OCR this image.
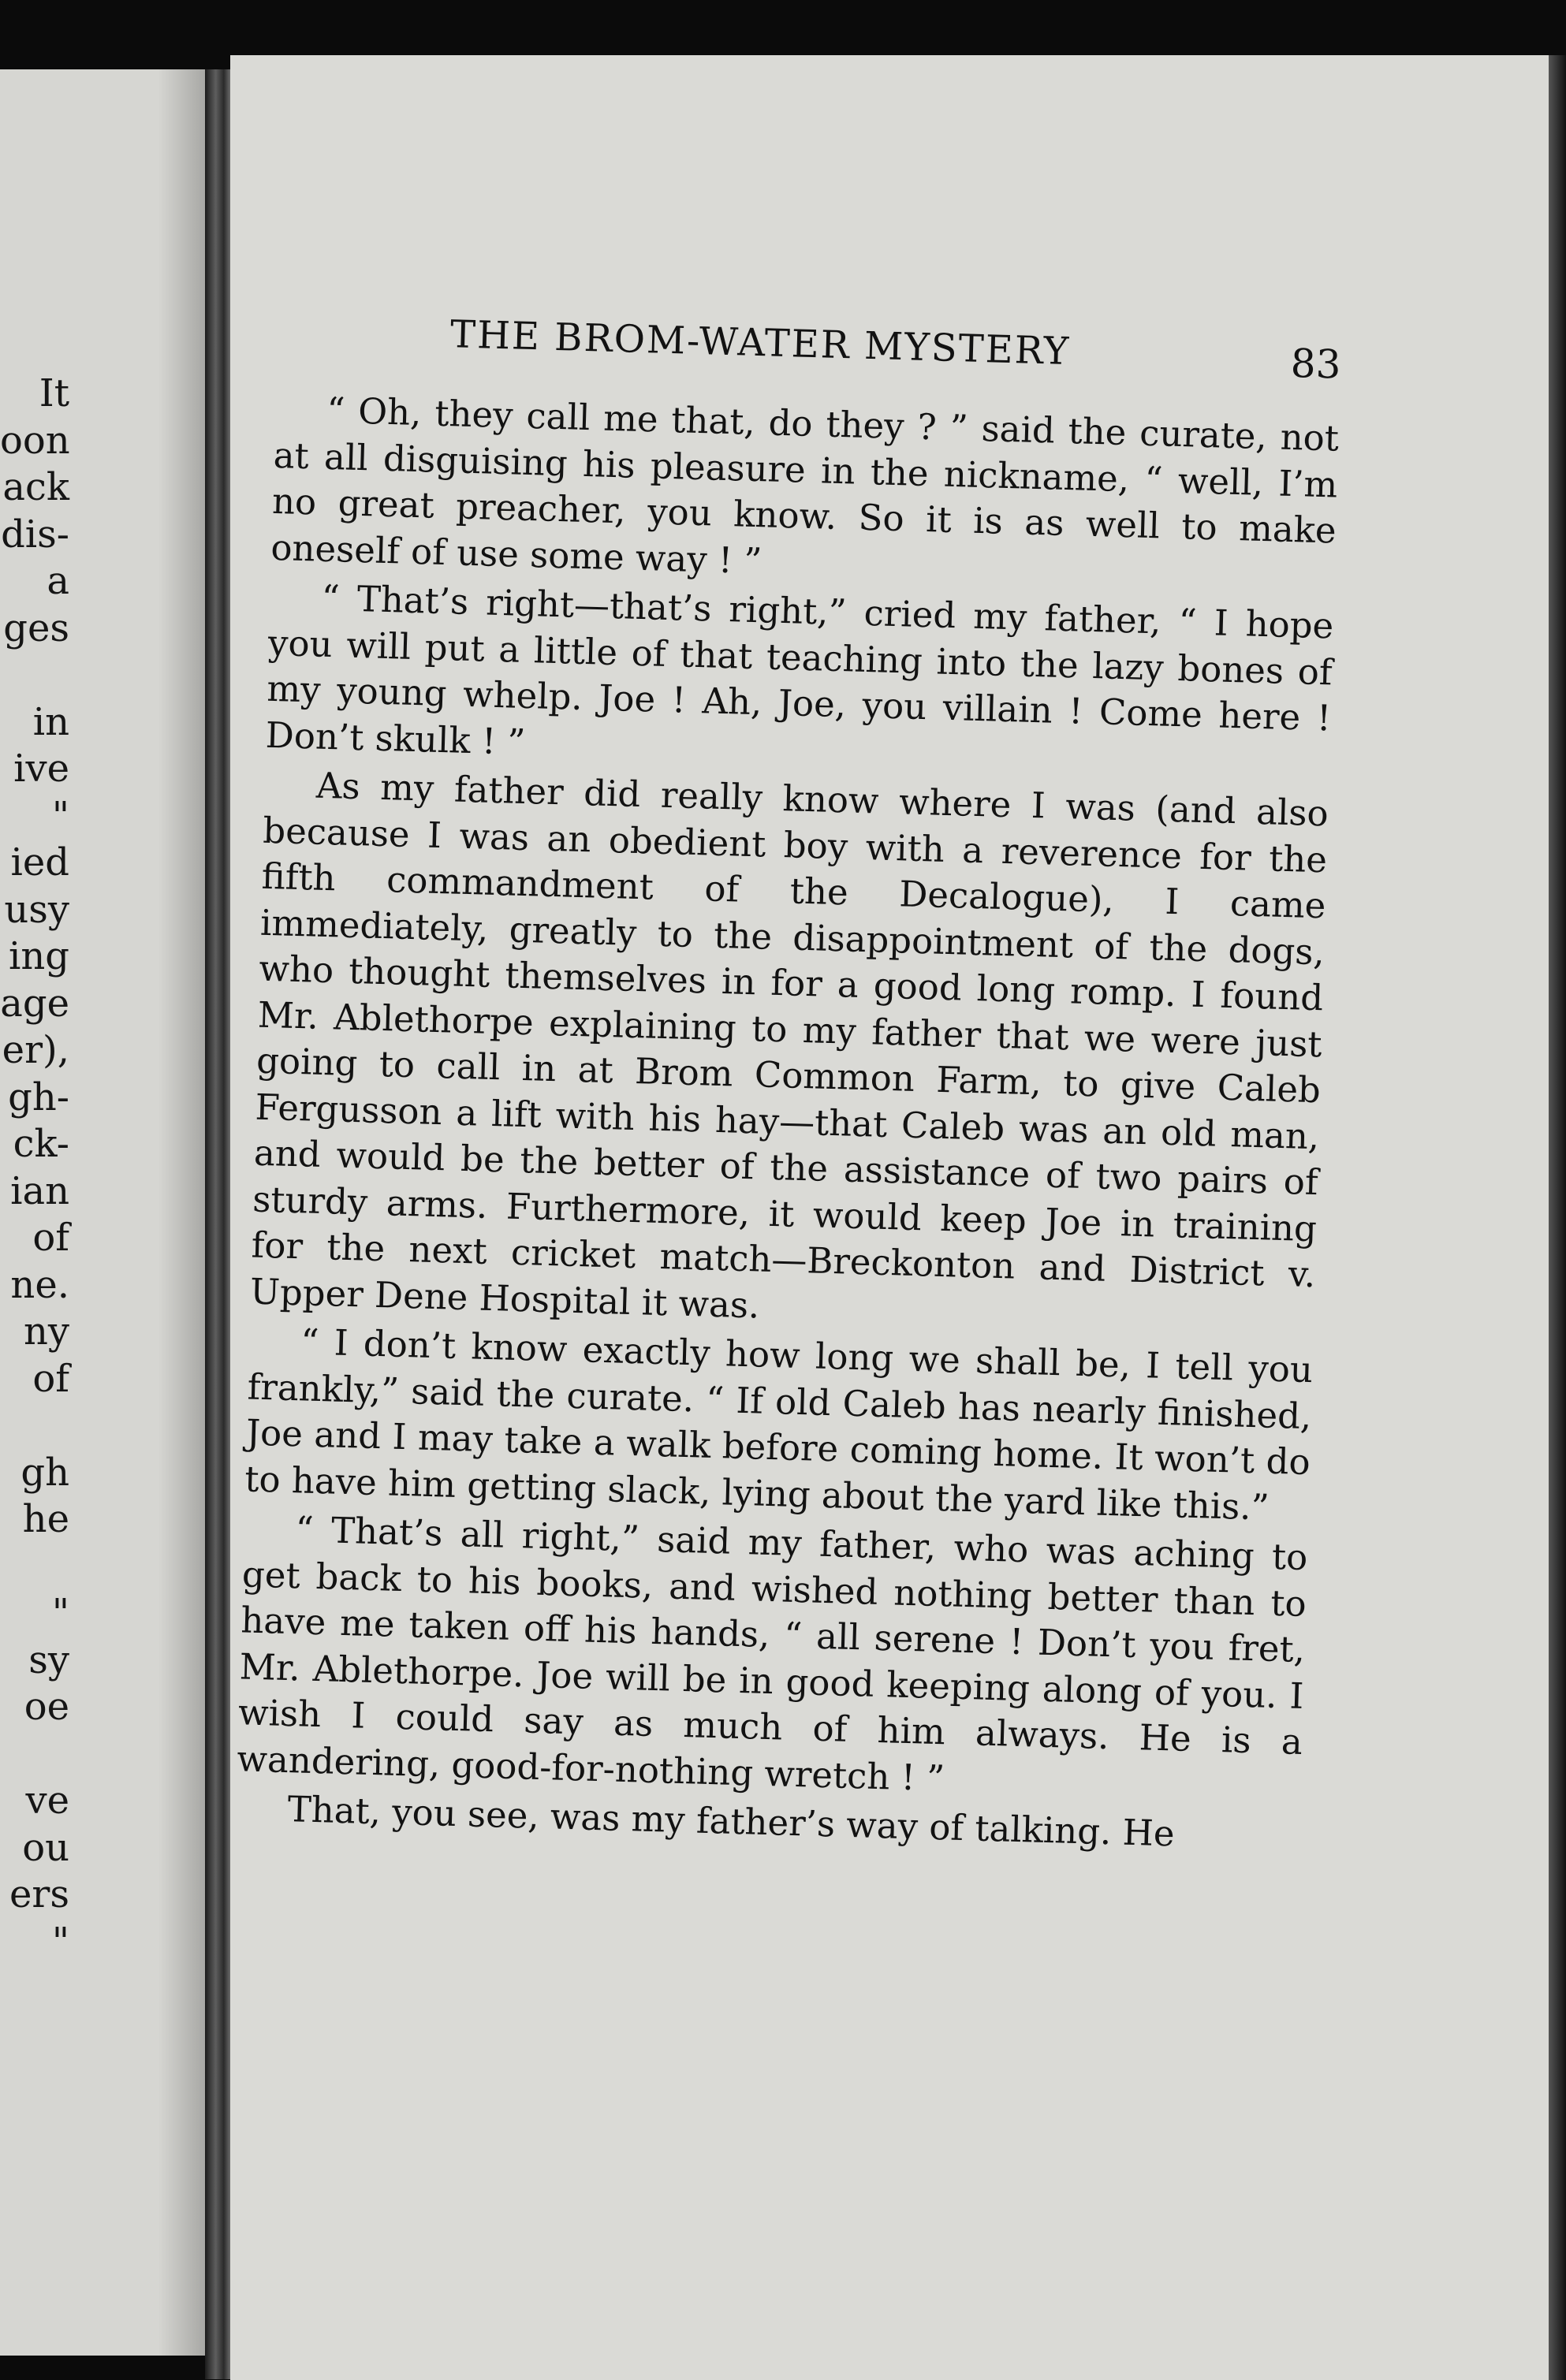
It
oon
ack
dis-
a
ges
in
ive
"
ied
usy
ing
age
er),
gh-
ck-
ian
of
ne.
ny
of
gh
he
"
sy
oe
ve
ou
ers
"
THE BROM-WATER MYSTERY	83

“ Oh, they call me that, do they ? ” said the curate, not at all disguising his pleasure in the nickname, “ well, I’m no great preacher, you know. So it is as well to make oneself of use some way ! ”

“ That’s right—that’s right,” cried my father, “ I hope you will put a little of that teaching into the lazy bones of my young whelp. Joe ! Ah, Joe, you villain ! Come here ! Don’t skulk ! ”

As my father did really know where I was (and also because I was an obedient boy with a reverence for the fifth commandment of the Decalogue), I came immediately, greatly to the disappointment of the dogs, who thought themselves in for a good long romp. I found Mr. Ablethorpe explaining to my father that we were just going to call in at Brom Common Farm, to give Caleb Fergusson a lift with his hay—that Caleb was an old man, and would be the better of the assistance of two pairs of sturdy arms. Furthermore, it would keep Joe in training for the next cricket match—Breckonton and District v. Upper Dene Hospital it was.

“ I don’t know exactly how long we shall be, I tell you frankly,” said the curate. “ If old Caleb has nearly finished, Joe and I may take a walk before coming home. It won’t do to have him getting slack, lying about the yard like this.”

“ That’s all right,” said my father, who was aching to get back to his books, and wished nothing better than to have me taken off his hands, “ all serene ! Don’t you fret, Mr. Ablethorpe. Joe will be in good keeping along of you. I wish I could say as much of him always. He is a wandering, good-for-nothing wretch ! ”

That, you see, was my father’s way of talking. He
